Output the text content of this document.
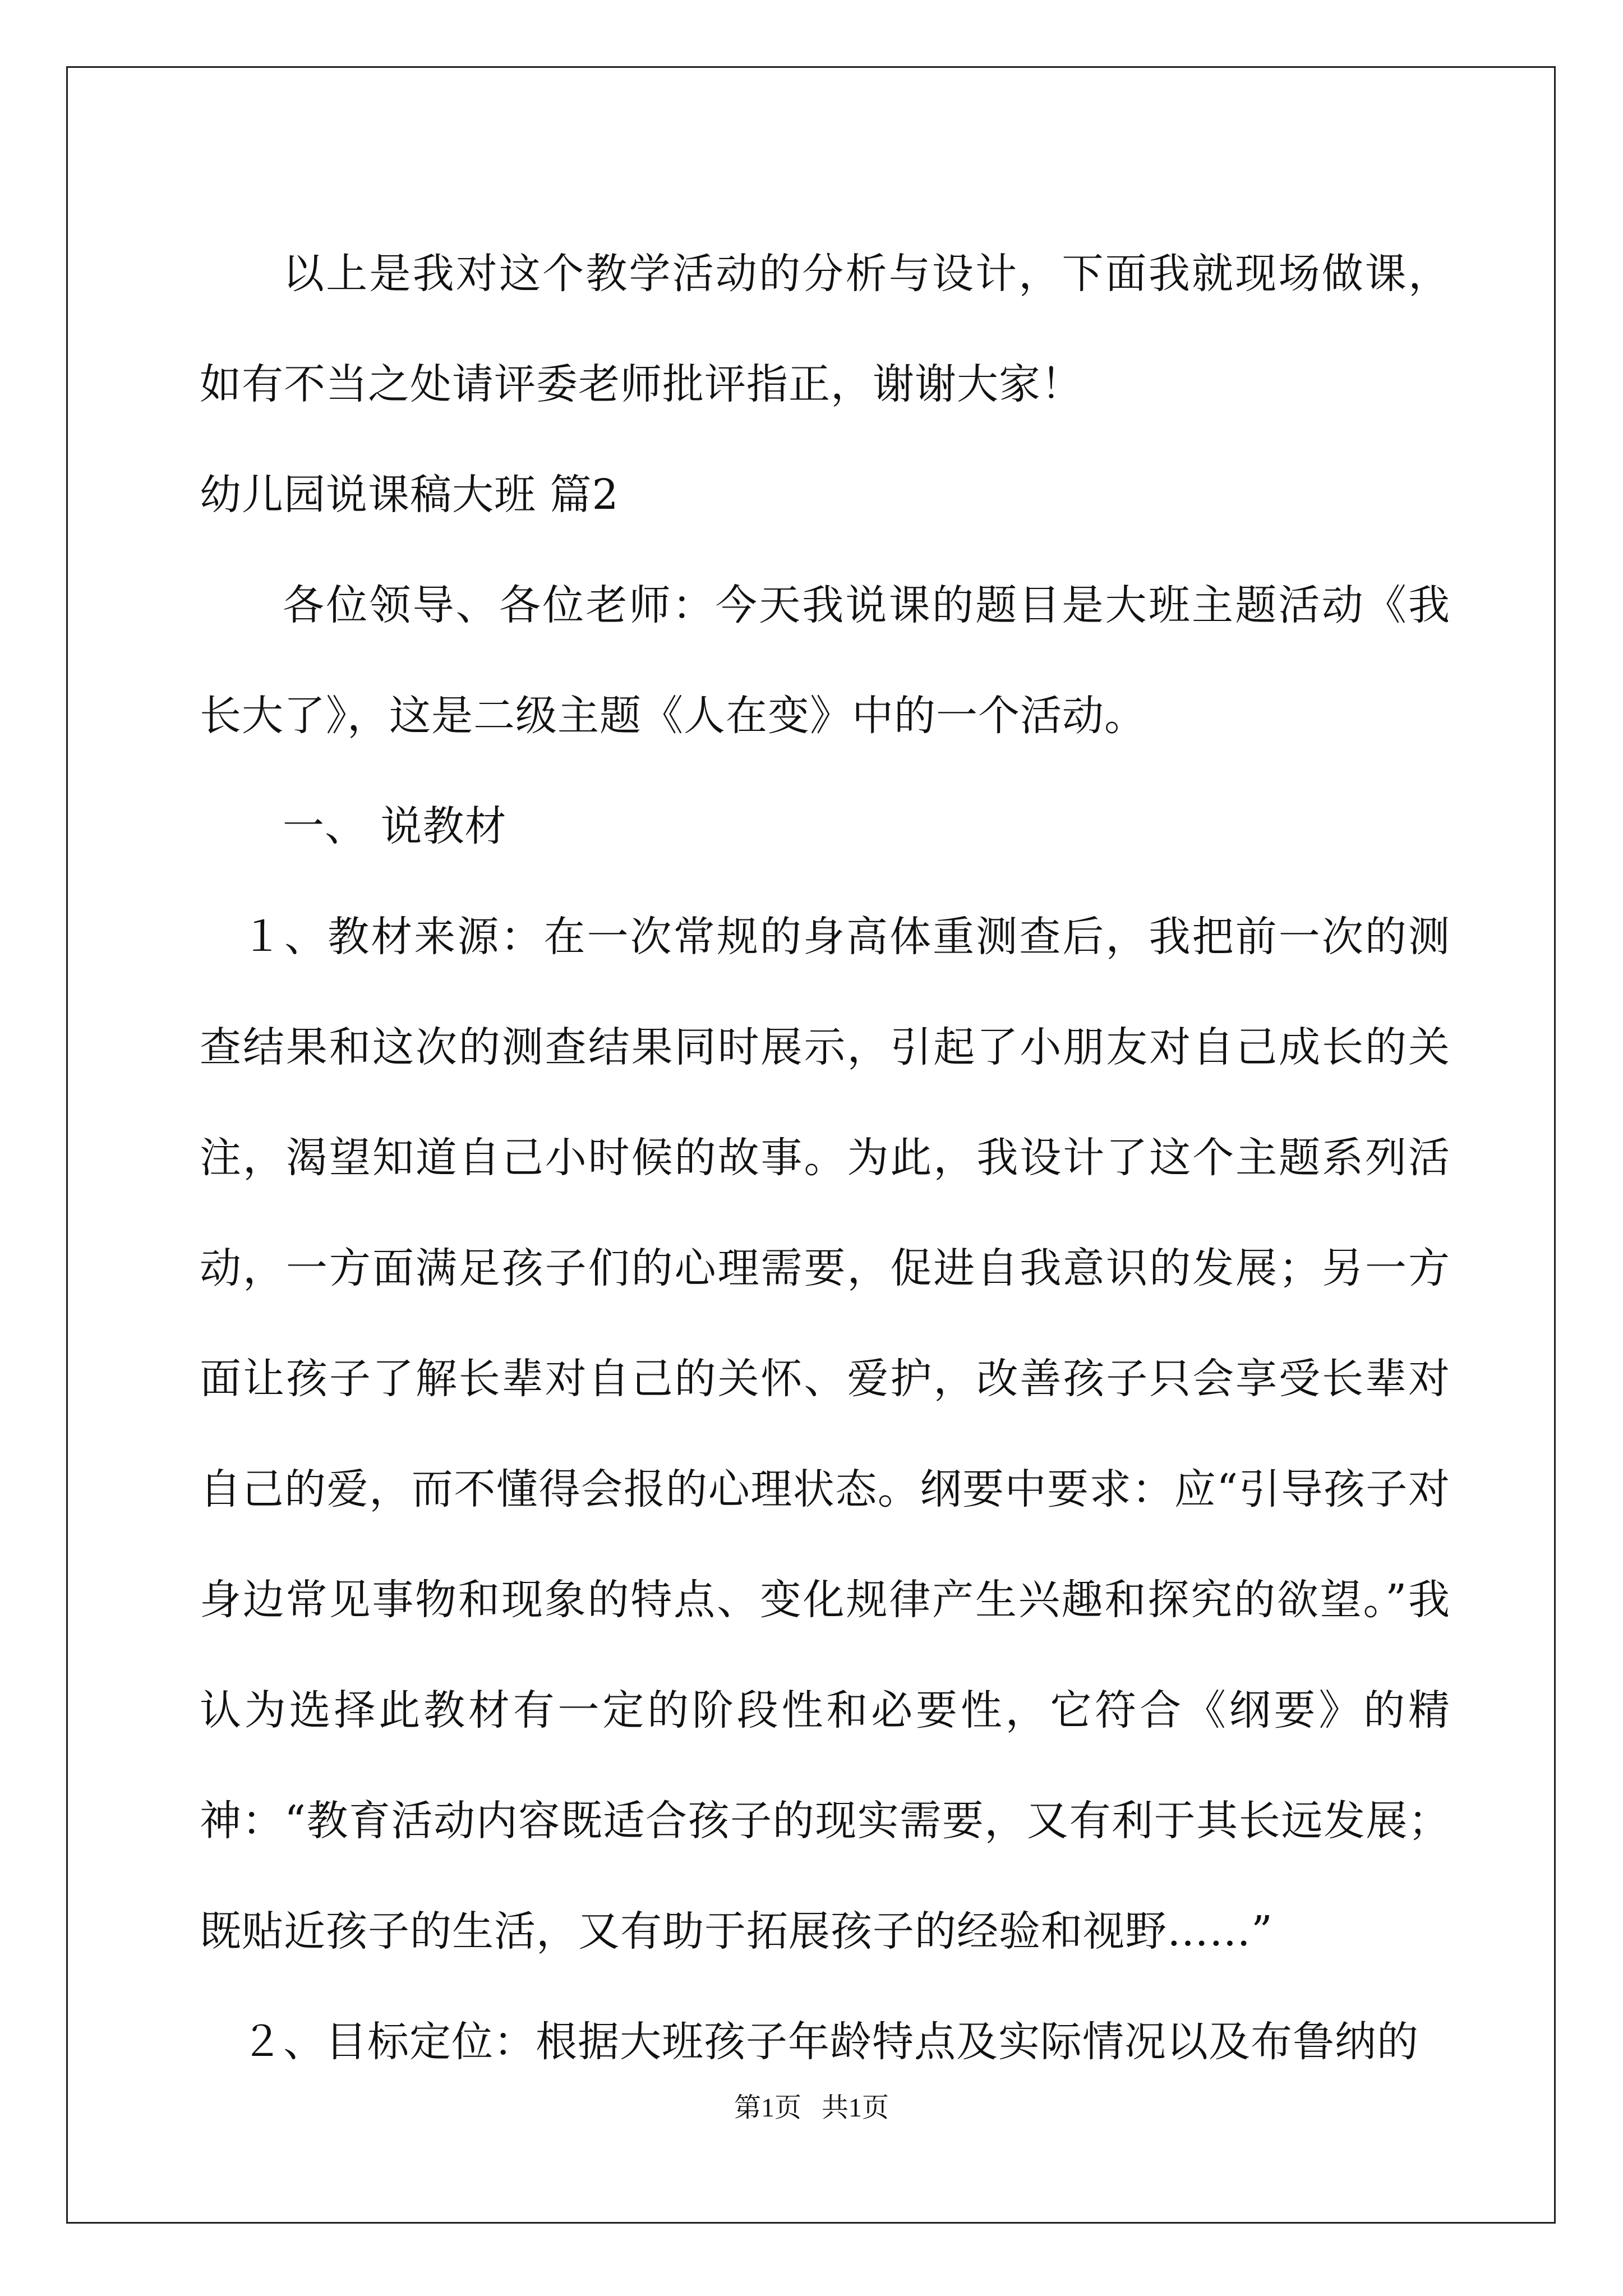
以上是我对这个教学活动的分析与设计，下面我就现场做课，如有不当之处请评委老师批评指正，谢谢大家！

幼儿园说课稿大班 篇2

各位领导、各位老师：今天我说课的题目是大班主题活动《我长大了》，这是二级主题《人在变》中的一个活动。

一、 说教材

１、教材来源：在一次常规的身高体重测查后，我把前一次的测查结果和这次的测查结果同时展示，引起了小朋友对自己成长的关注，渴望知道自己小时候的故事。为此，我设计了这个主题系列活动，一方面满足孩子们的心理需要，促进自我意识的发展；另一方面让孩子了解长辈对自己的关怀、爱护，改善孩子只会享受长辈对自己的爱，而不懂得会报的心理状态。纲要中要求：应“引导孩子对身边常见事物和现象的特点、变化规律产生兴趣和探究的欲望。”我认为选择此教材有一定的阶段性和必要性，它符合《纲要》的精神：“教育活动内容既适合孩子的现实需要，又有利于其长远发展；既贴近孩子的生活，又有助于拓展孩子的经验和视野……”

２、目标定位：根据大班孩子年龄特点及实际情况以及布鲁纳的

第1页   共1页
